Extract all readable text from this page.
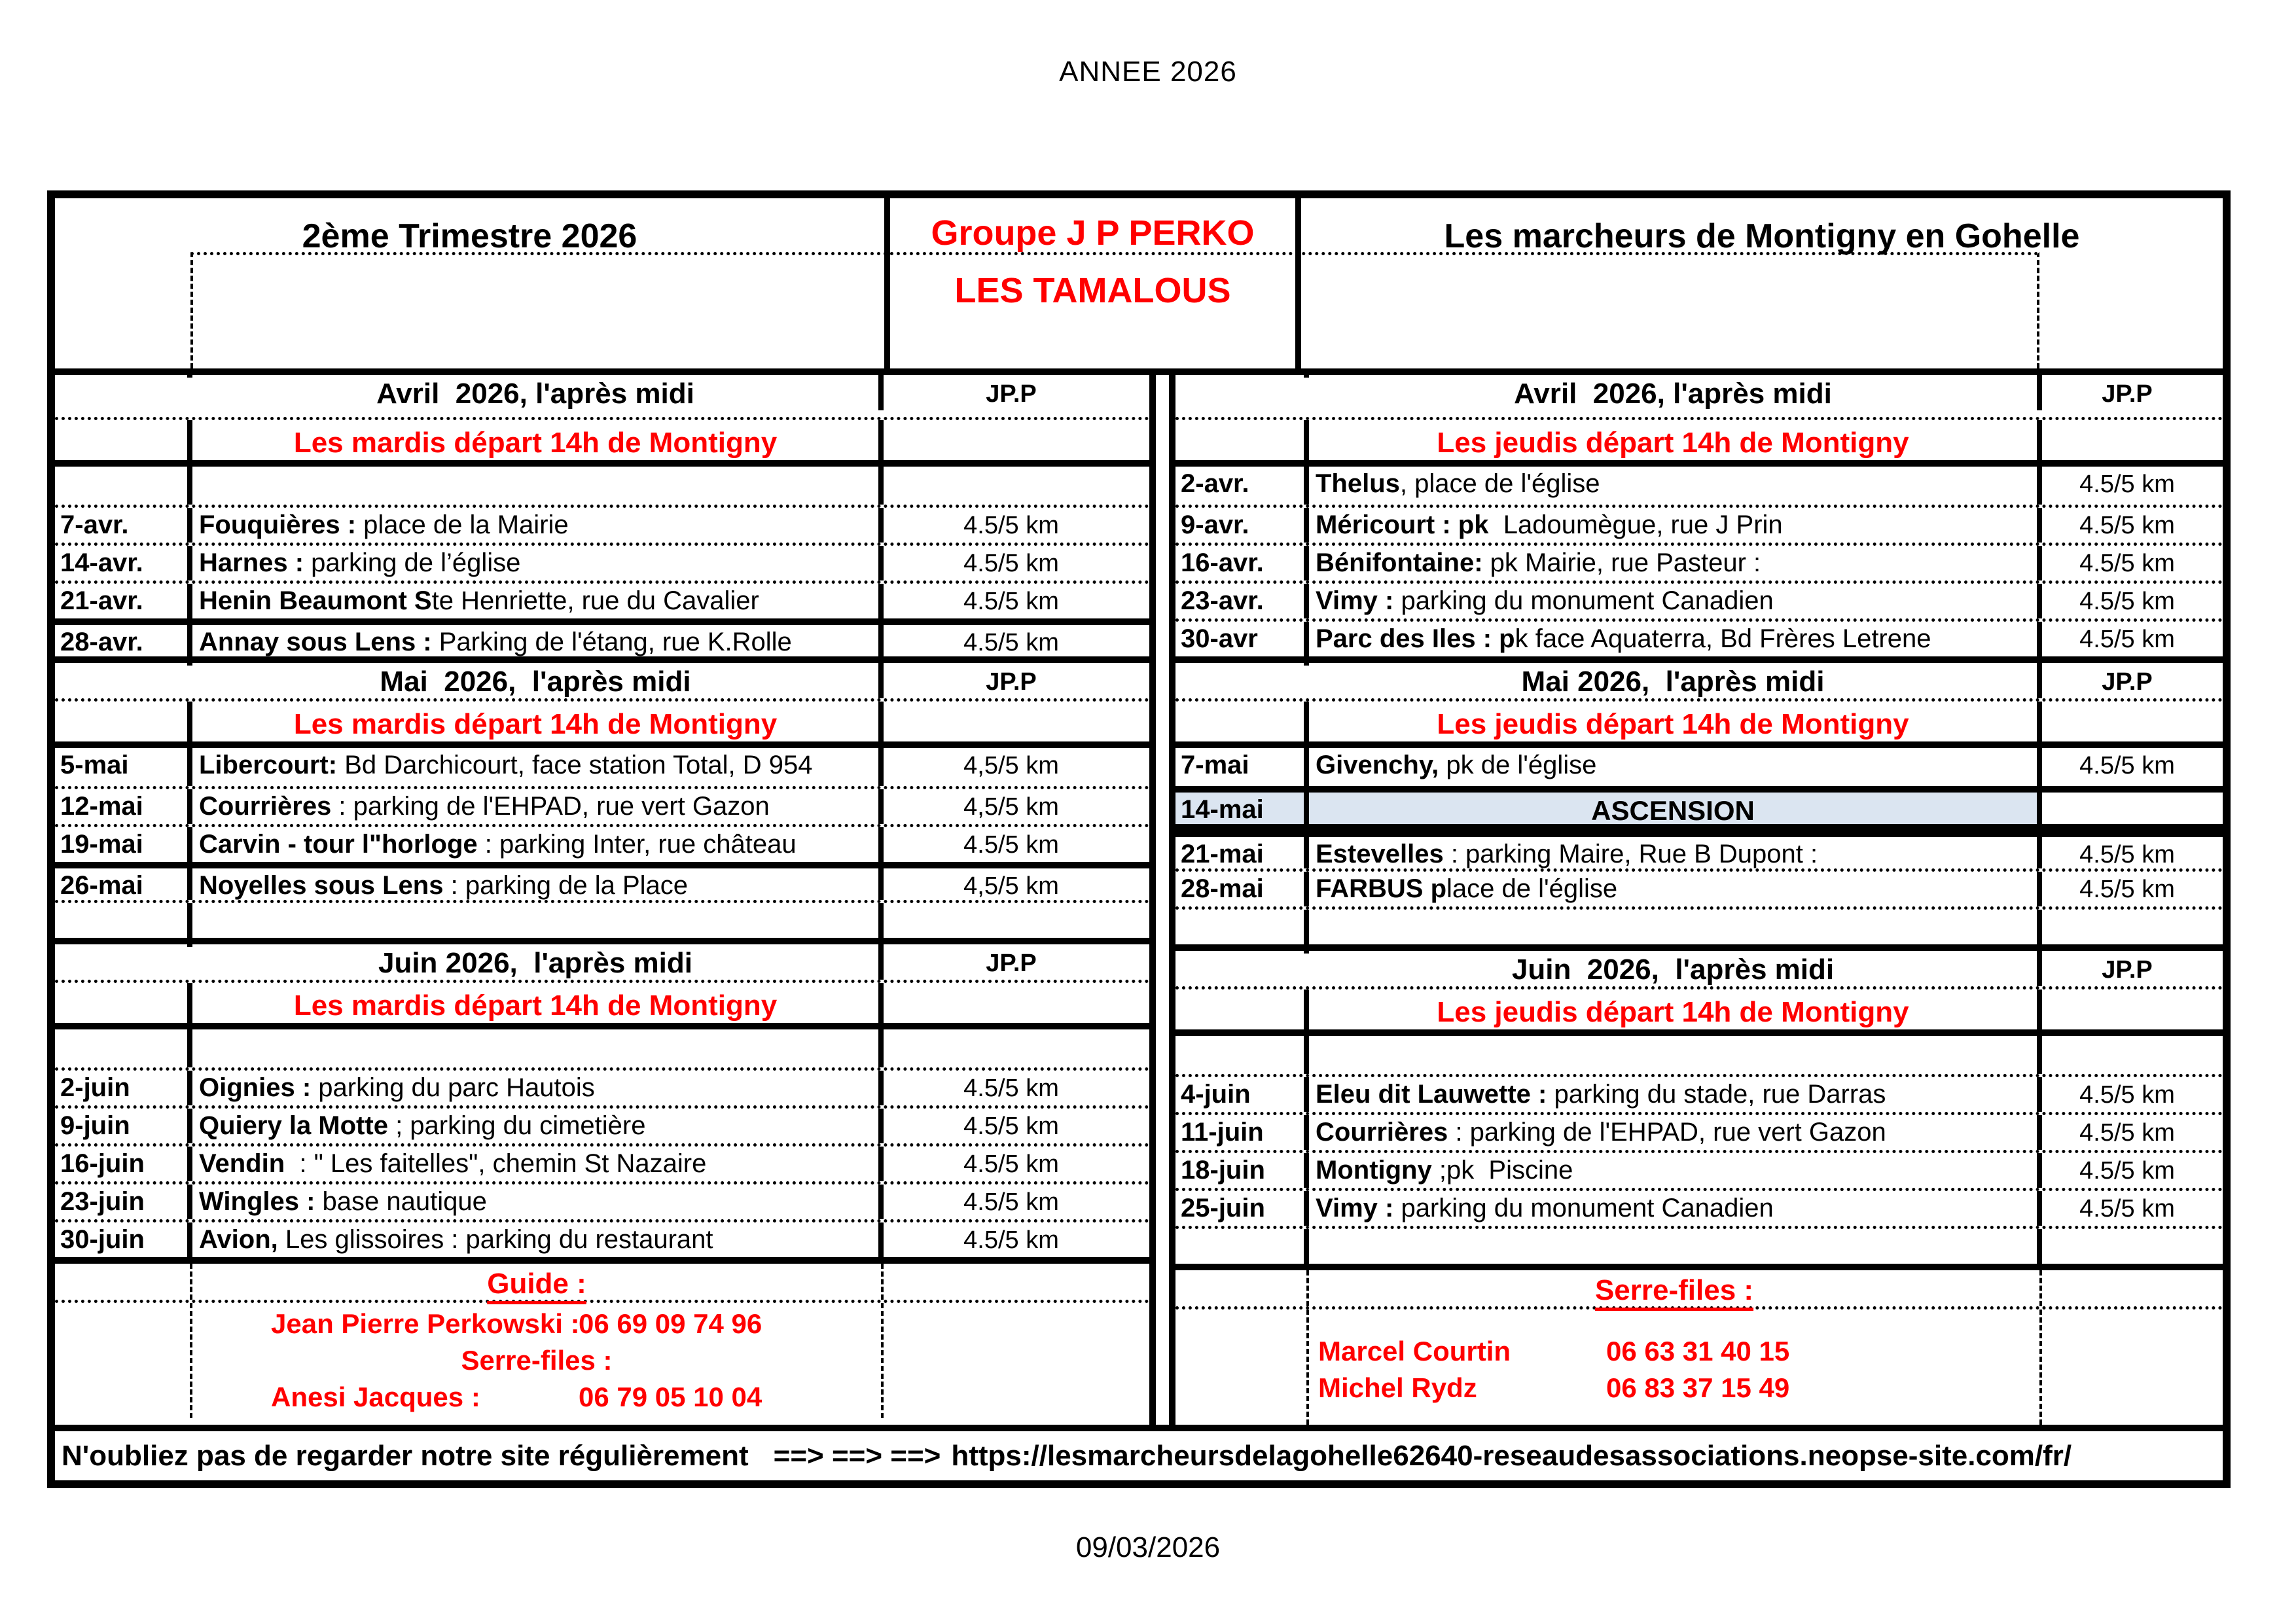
ANNEE 2026
2ème Trimestre 2026	Groupe J P PERKO
LES TAMALOUS
Les marcheurs de Montigny en Gohelle
Avril  2026, l'après midi	JP.P
Les mardis départ 14h de Montigny
7-avr.	Fouquières : place de la Mairie	4.5/5 km
14-avr.	Harnes : parking de l’église	4.5/5 km
21-avr.	Henin Beaumont Ste Henriette, rue du Cavalier	4.5/5 km
28-avr.	Annay sous Lens : Parking de l'étang, rue K.Rolle	4.5/5 km
Mai  2026,  l'après midi	JP.P
Les mardis départ 14h de Montigny
5-mai	Libercourt: Bd Darchicourt, face station Total, D 954	4,5/5 km
12-mai	Courrières : parking de l'EHPAD, rue vert Gazon	4,5/5 km
19-mai	Carvin - tour l"horloge : parking Inter, rue château	4.5/5 km
26-mai	Noyelles sous Lens : parking de la Place	4,5/5 km
Juin 2026,  l'après midi	JP.P
Les mardis départ 14h de Montigny
2-juin	Oignies : parking du parc Hautois	4.5/5 km
9-juin	Quiery la Motte ; parking du cimetière	4.5/5 km
16-juin	Vendin  : " Les faitelles", chemin St Nazaire	4.5/5 km
23-juin	Wingles : base nautique	4.5/5 km
30-juin	Avion, Les glissoires : parking du restaurant	4.5/5 km
Guide :
Jean Pierre Perkowski :
06 69 09 74 96
Serre-files :
Anesi Jacques :	06 79 05 10 04
Avril  2026, l'après midi	JP.P
Les jeudis départ 14h de Montigny
2-avr.	Thelus, place de l'église	4.5/5 km
9-avr.	Méricourt : pk  Ladoumègue, rue J Prin	4.5/5 km
16-avr.	Bénifontaine: pk Mairie, rue Pasteur :	4.5/5 km
23-avr.	Vimy : parking du monument Canadien	4.5/5 km
30-avr	Parc des Iles : pk face Aquaterra, Bd Frères Letrene	4.5/5 km
Mai 2026,  l'après midi	JP.P
Les jeudis départ 14h de Montigny
7-mai	Givenchy, pk de l'église	4.5/5 km
14-mai	ASCENSION
21-mai	Estevelles : parking Maire, Rue B Dupont :	4.5/5 km
28-mai	FARBUS place de l'église	4.5/5 km
Juin  2026,  l'après midi	JP.P
Les jeudis départ 14h de Montigny
4-juin	Eleu dit Lauwette : parking du stade, rue Darras	4.5/5 km
11-juin	Courrières : parking de l'EHPAD, rue vert Gazon	4.5/5 km
18-juin	Montigny ;pk  Piscine	4.5/5 km
25-juin	Vimy : parking du monument Canadien	4.5/5 km
Serre-files :
Marcel Courtin	06 63 31 40 15
Michel Rydz	06 83 37 15 49
N'oubliez pas de regarder notre site régulièrement ==> ==> ==> https://lesmarcheursdelagohelle62640-reseaudesassociations.neopse-site.com/fr/
09/03/2026
